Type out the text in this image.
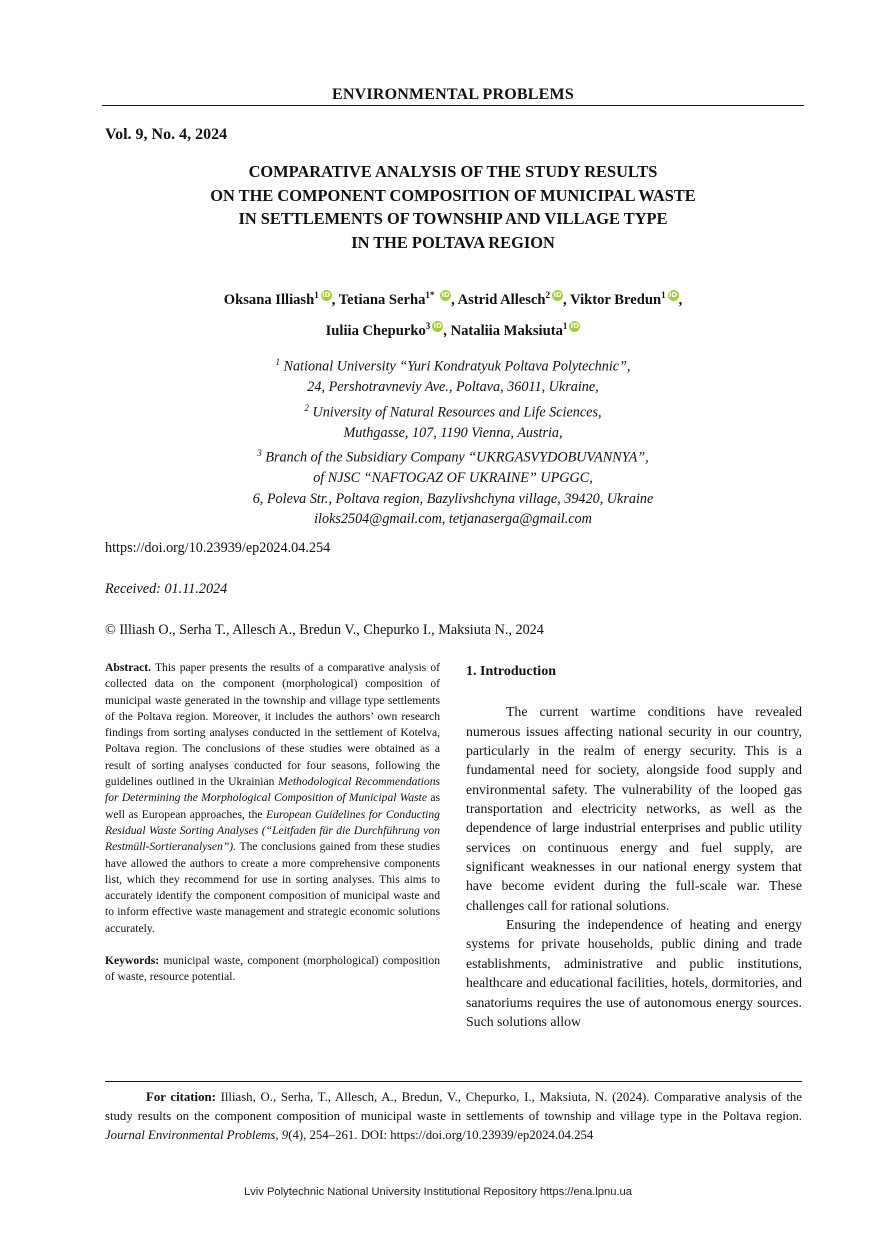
ENVIRONMENTAL PROBLEMS
Vol. 9, No. 4, 2024
COMPARATIVE ANALYSIS OF THE STUDY RESULTS
ON THE COMPONENT COMPOSITION OF MUNICIPAL WASTE
IN SETTLEMENTS OF TOWNSHIP AND VILLAGE TYPE
IN THE POLTAVA REGION
Oksana Illiash$^1$ iD, Tetiana Serha$^{1*}$ iD, Astrid Allesch$^2$ iD, Viktor Bredun$^1$ iD,
Iuliia Chepurko$^3$ iD, Nataliia Maksiuta$^1$ iD
$^1$ National University “Yuri Kondratyuk Poltava Polytechnic”,
24, Pershotravneviy Ave., Poltava, 36011, Ukraine,
$^2$ University of Natural Resources and Life Sciences,
Muthgasse, 107, 1190 Vienna, Austria,
$^3$ Branch of the Subsidiary Company “UKRGASVYDOBUVANNYA”,
of NJSC “NAFTOGAZ OF UKRAINE” UPGGC,
6, Poleva Str., Poltava region, Bazylivshchyna village, 39420, Ukraine
iloks2504@gmail.com, tetjanaserga@gmail.com
https://doi.org/10.23939/ep2024.04.254
Received: 01.11.2024
© Illiash O., Serha T., Allesch A., Bredun V., Chepurko I., Maksiuta N., 2024

Abstract. This paper presents the results of a comparative analysis of collected data on the component (morphological) composition of municipal waste generated in the township and village type settlements of the Poltava region. Moreover, it includes the authors’ own research findings from sorting analyses conducted in the settlement of Kotelva, Poltava region. The conclusions of these studies were obtained as a result of sorting analyses conducted for four seasons, following the guidelines outlined in the Ukrainian Methodological Recommendations for Determining the Morphological Composition of Municipal Waste as well as European approaches, the European Guidelines for Conducting Residual Waste Sorting Analyses (“Leitfaden für die Durchführung von Restmüll-Sortieranalysen”). The conclusions gained from these studies have allowed the authors to create a more comprehensive components list, which they recommend for use in sorting analyses. This aims to accurately identify the component composition of municipal waste and to inform effective waste management and strategic economic solutions accurately.

Keywords: municipal waste, component (morphological) composition of waste, resource potential.

1. Introduction

The current wartime conditions have revealed numerous issues affecting national security in our country, particularly in the realm of energy security. This is a fundamental need for society, alongside food supply and environmental safety. The vulnerability of the looped gas transportation and electricity networks, as well as the dependence of large industrial enterprises and public utility services on continuous energy and fuel supply, are significant weaknesses in our national energy system that have become evident during the full-scale war. These challenges call for rational solutions.

Ensuring the independence of heating and energy systems for private households, public dining and trade establishments, administrative and public institutions, healthcare and educational facilities, hotels, dormitories, and sanatoriums requires the use of autonomous energy sources. Such solutions allow

For citation: Illiash, O., Serha, T., Allesch, A., Bredun, V., Chepurko, I., Maksiuta, N. (2024). Comparative analysis of the study results on the component composition of municipal waste in settlements of township and village type in the Poltava region. Journal Environmental Problems, 9(4), 254–261. DOI: https://doi.org/10.23939/ep2024.04.254
Lviv Polytechnic National University Institutional Repository https://ena.lpnu.ua
